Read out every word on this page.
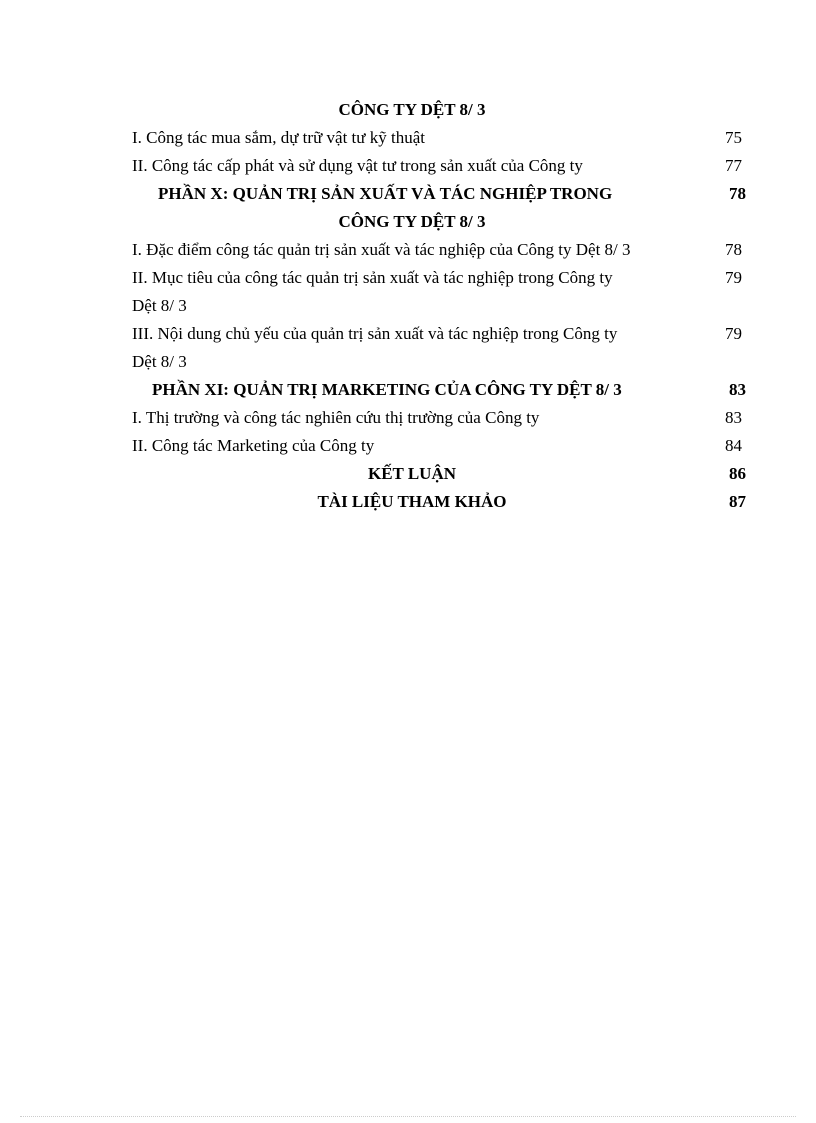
CÔNG TY DỆT 8/ 3
I. Công tác mua sắm, dự trữ vật tư kỹ thuật	75
II. Công tác cấp phát và sử dụng vật tư trong sản xuất của Công ty	77
PHẦN X: QUẢN TRỊ SẢN XUẤT VÀ TÁC NGHIỆP TRONG	78
CÔNG TY DỆT 8/ 3
I. Đặc điểm công tác quản trị sản xuất và tác nghiệp của Công ty Dệt 8/ 3	78
II. Mục tiêu của công tác quản trị sản xuất và tác nghiệp trong Công ty	79
Dệt 8/ 3
III. Nội dung chủ yếu của quản trị sản xuất và tác nghiệp trong Công ty	79
Dệt 8/ 3
PHẦN XI: QUẢN TRỊ MARKETING CỦA CÔNG TY DỆT 8/ 3	83
I. Thị trường và công tác nghiên cứu thị trường của Công ty	83
II. Công tác Marketing của Công ty	84
KẾT LUẬN	86
TÀI LIỆU THAM KHẢO	87
